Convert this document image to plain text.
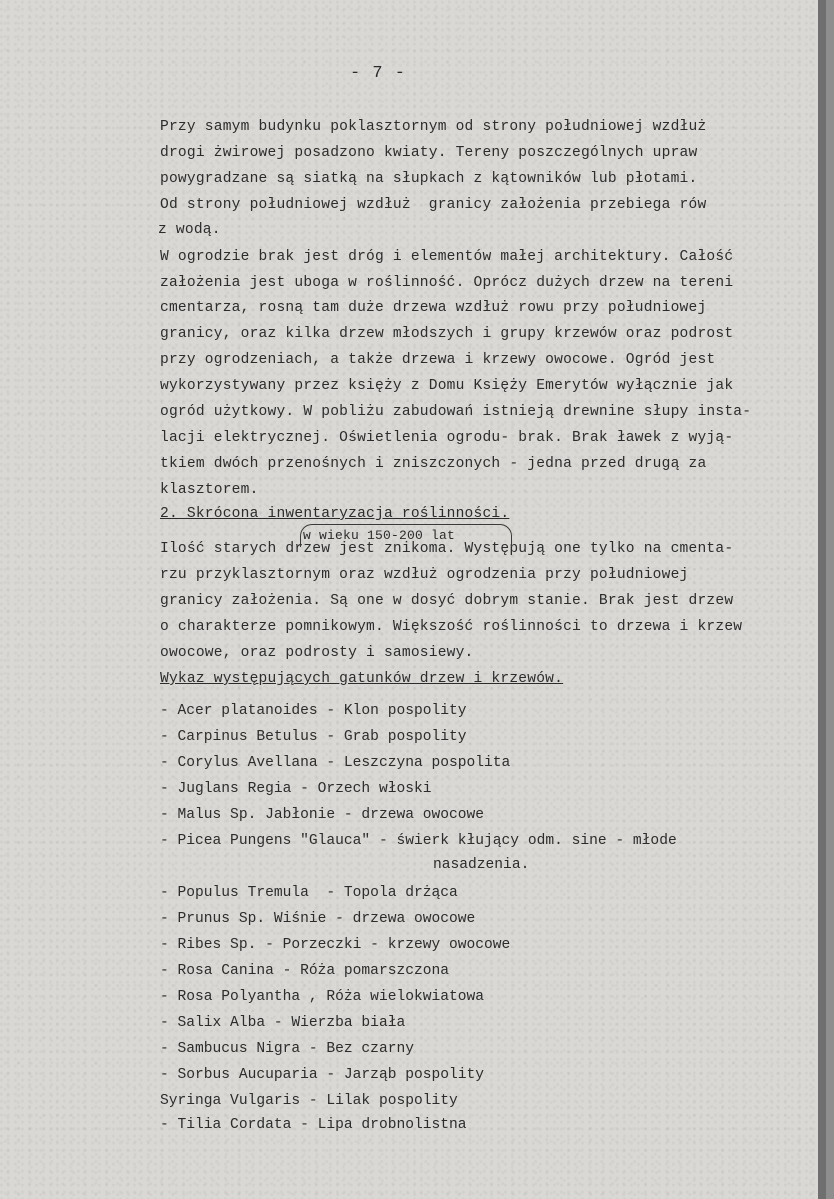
- 7 -
Przy samym budynku poklasztornym od strony południowej wzdłuż
drogi żwirowej posadzono kwiaty. Tereny poszczególnych upraw
powygradzane są siatką na słupkach z kątowników lub płotami.
Od strony południowej wzdłuż  granicy założenia przebiega rów
z wodą.
W ogrodzie brak jest dróg i elementów małej architektury. Całość
założenia jest uboga w roślinność. Oprócz dużych drzew na tereni
cmentarza, rosną tam duże drzewa wzdłuż rowu przy południowej
granicy, oraz kilka drzew młodszych i grupy krzewów oraz podrost
przy ogrodzeniach, a także drzewa i krzewy owocowe. Ogród jest
wykorzystywany przez księży z Domu Księży Emerytów wyłącznie jak
ogród użytkowy. W pobliżu zabudowań istnieją drewnine słupy insta-
lacji elektrycznej. Oświetlenia ogrodu- brak. Brak ławek z wyją-
tkiem dwóch przenośnych i zniszczonych - jedna przed drugą za
klasztorem.
2. Skrócona inwentaryzacja roślinności.
Ilość starych drzew jest znikoma. Występują one tylko na cmenta-
rzu przyklasztornym oraz wzdłuż ogrodzenia przy południowej
granicy założenia. Są one w dosyć dobrym stanie. Brak jest drzew
o charakterze pomnikowym. Większość roślinności to drzewa i krzew
owocowe, oraz podrosty i samosiewy.
Wykaz występujących gatunków drzew i krzewów.
w wieku 150-200 lat
- Acer platanoides - Klon pospolity
- Carpinus Betulus - Grab pospolity
- Corylus Avellana - Leszczyna pospolita
- Juglans Regia - Orzech włoski
- Malus Sp. Jabłonie - drzewa owocowe
- Picea Pungens "Glauca" - świerk kłujący odm. sine - młode
nasadzenia.
- Populus Tremula  - Topola drżąca
- Prunus Sp. Wiśnie - drzewa owocowe
- Ribes Sp. - Porzeczki - krzewy owocowe
- Rosa Canina - Róża pomarszczona
- Rosa Polyantha , Róża wielokwiatowa
- Salix Alba - Wierzba biała
- Sambucus Nigra - Bez czarny
- Sorbus Aucuparia - Jarząb pospolity
Syringa Vulgaris - Lilak pospolity
- Tilia Cordata - Lipa drobnolistna
